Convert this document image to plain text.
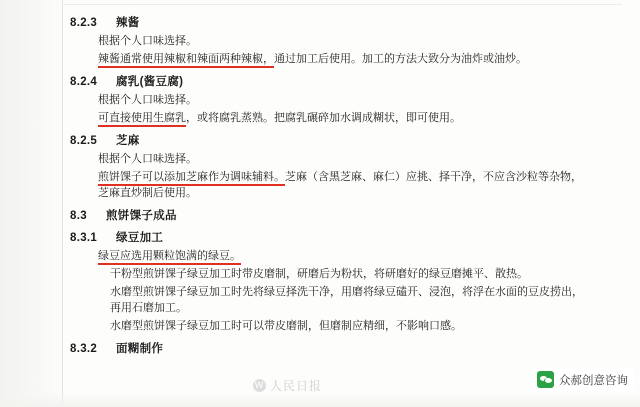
8.2.3	辣酱
根据个人口味选择。
辣酱通常使用辣椒和辣面两种辣椒，通过加工后使用。加工的方法大致分为油炸或油炒。
8.2.4	腐乳(酱豆腐)
根据个人口味选择。
可直接使用生腐乳，或将腐乳蒸熟。把腐乳碾碎加水调成糊状，即可使用。
8.2.5	芝麻
根据个人口味选择。
煎饼馃子可以添加芝麻作为调味辅料。芝麻（含黑芝麻、麻仁）应挑、择干净，不应含沙粒等杂物，
芝麻直炒制后使用。
8.3	煎饼馃子成品
8.3.1	绿豆加工
绿豆应选用颗粒饱满的绿豆。
干粉型煎饼馃子绿豆加工时带皮磨制，研磨后为粉状，将研磨好的绿豆磨摊平、散热。
水磨型煎饼馃子绿豆加工时先将绿豆择洗干净，用磨将绿豆磕开、浸泡，将浮在水面的豆皮捞出，
再用石磨加工。
水磨型煎饼馃子绿豆加工时可以带皮磨制，但磨制应精细，不影响口感。
8.3.2	面糊制作
W 人民日报	众郝创意咨询
